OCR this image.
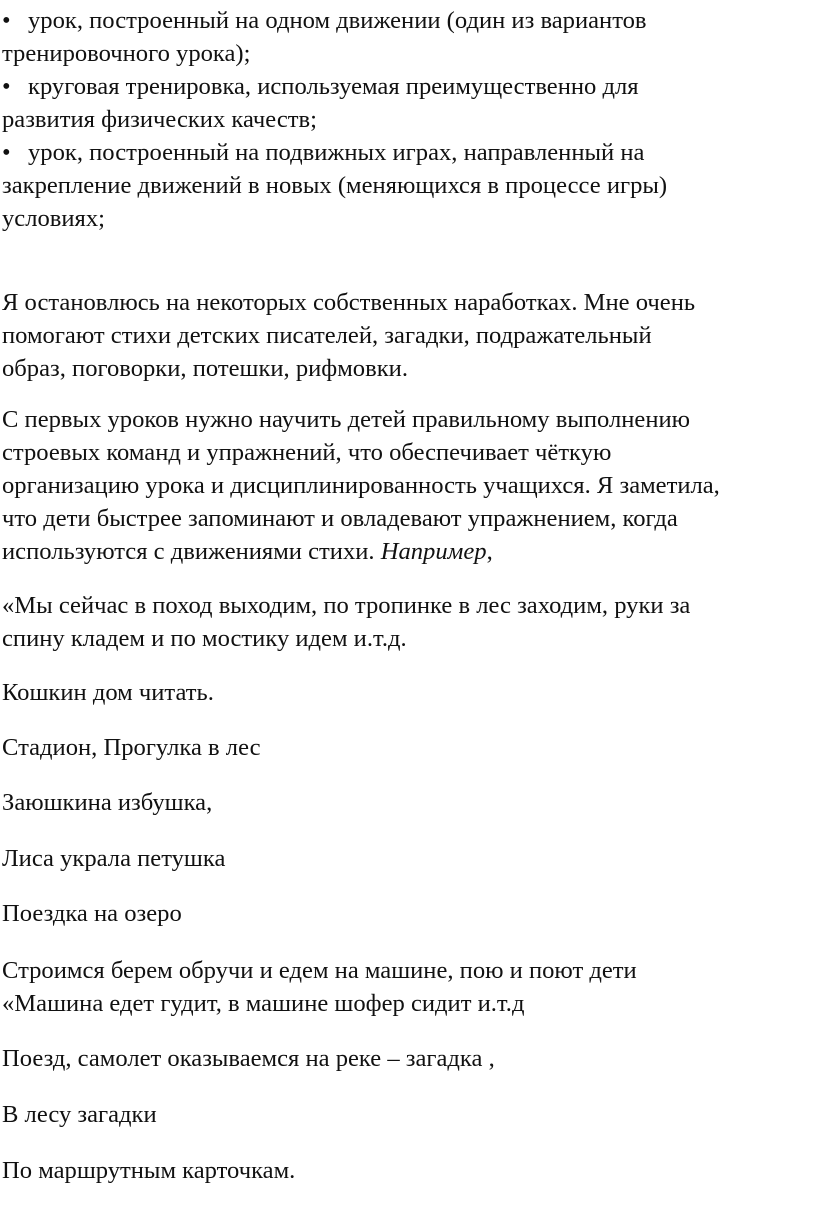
• урок, построенный на одном движении (один из вариантов
тренировочного урока);
• круговая тренировка, используемая преимущественно для
развития физических качеств;
• урок, построенный на подвижных играх, направленный на
закрепление движений в новых (меняющихся в процессе игры)
условиях;
Я остановлюсь на некоторых собственных наработках. Мне очень
помогают стихи детских писателей, загадки, подражательный
образ, поговорки, потешки, рифмовки.
С первых уроков нужно научить детей правильному выполнению
строевых команд и упражнений, что обеспечивает чёткую
организацию урока и дисциплинированность учащихся. Я заметила,
что дети быстрее запоминают и овладевают упражнением, когда
используются с движениями стихи. Например,
«Мы сейчас в поход выходим, по тропинке в лес заходим, руки за
спину кладем и по мостику идем и.т.д.
Кошкин дом читать.
Стадион, Прогулка в лес
Заюшкина избушка,
Лиса украла петушка
Поездка на озеро
Строимся берем обручи и едем на машине, пою и поют дети
«Машина едет гудит, в машине шофер сидит и.т.д
Поезд, самолет оказываемся на реке – загадка ,
В лесу загадки
По маршрутным карточкам.
